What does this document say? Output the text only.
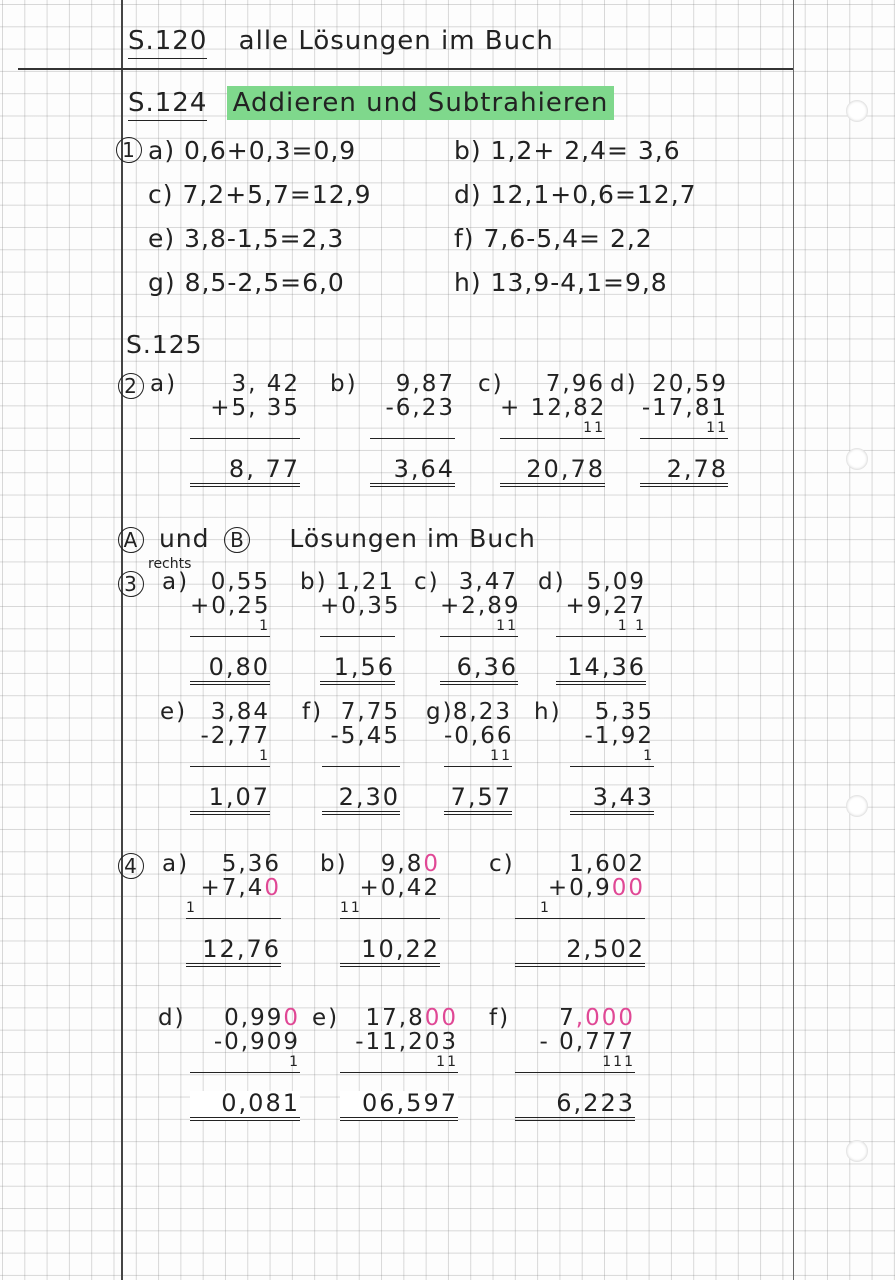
S.120 alle Lösungen im Buch
S.124 Addieren und Subtrahieren
1 a) 0,6+0,3=0,9	b) 1,2+ 2,4= 3,6
c) 7,2+5,7=12,9	d) 12,1+0,6=12,7
e) 3,8-1,5=2,3	f) 7,6-5,4= 2,2
g) 8,5-2,5=6,0	h) 13,9-4,1=9,8
S.125
2 a)	3, 42
+5, 35
8, 77
b)	9,87
-6,23
3,64
c)	7,96
+ 12,82
11
20,78
d) 20,59
-17,81
11
2,78
A und B Lösungen im Buch
3
rechts
a) 0,55
+0,25
1
0,80
b) 1,21
+0,35
1,56
c) 3,47
+2,89
11
6,36
d) 5,09
+9,27
1 1
14,36
e)	3,84
-2,77
1
1,07
f) 7,75
-5,45
2,30
g) 8,23
-0,66
11
7,57
h)	5,35
-1,92
1
3,43
4 a)	5,36
+7,40
1
12,76
b)	9,80
+0,42
11
10,22
c)	1,602
+0,900
1
2,502
d)	0,990
-0,909
1
0,081
e)	17,800
-11,203
11
06,597
f)	7,000
- 0,777
111
6,223
